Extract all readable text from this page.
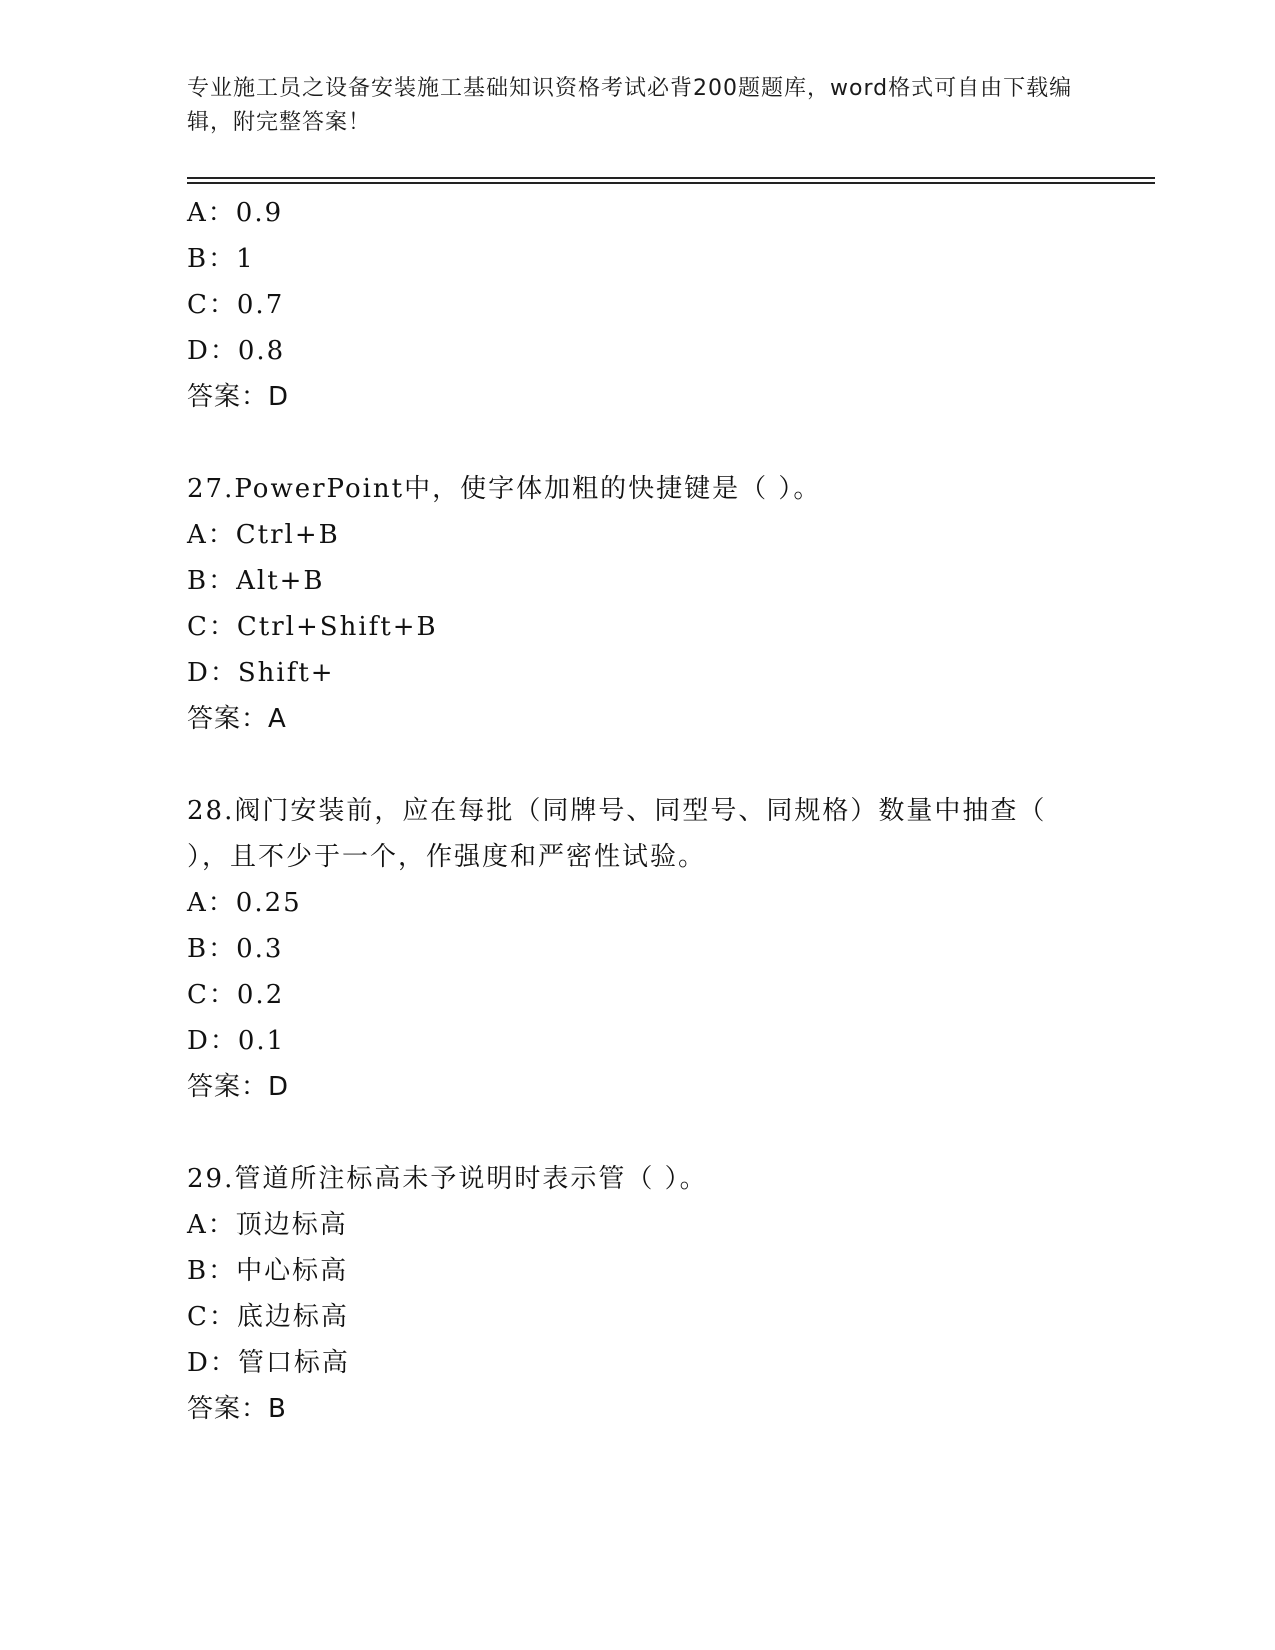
专业施工员之设备安装施工基础知识资格考试必背200题题库，word格式可自由下载编辑，附完整答案！
A：0.9
B：1
C：0.7
D：0.8
答案：D
27.PowerPoint中，使字体加粗的快捷键是（ ）。
A：Ctrl+B
B：Alt+B
C：Ctrl+Shift+B
D：Shift+
答案：A
28.阀门安装前，应在每批（同牌号、同型号、同规格）数量中抽查（ ），且不少于一个，作强度和严密性试验。
A：0.25
B：0.3
C：0.2
D：0.1
答案：D
29.管道所注标高未予说明时表示管（ ）。
A：顶边标高
B：中心标高
C：底边标高
D：管口标高
答案：B
